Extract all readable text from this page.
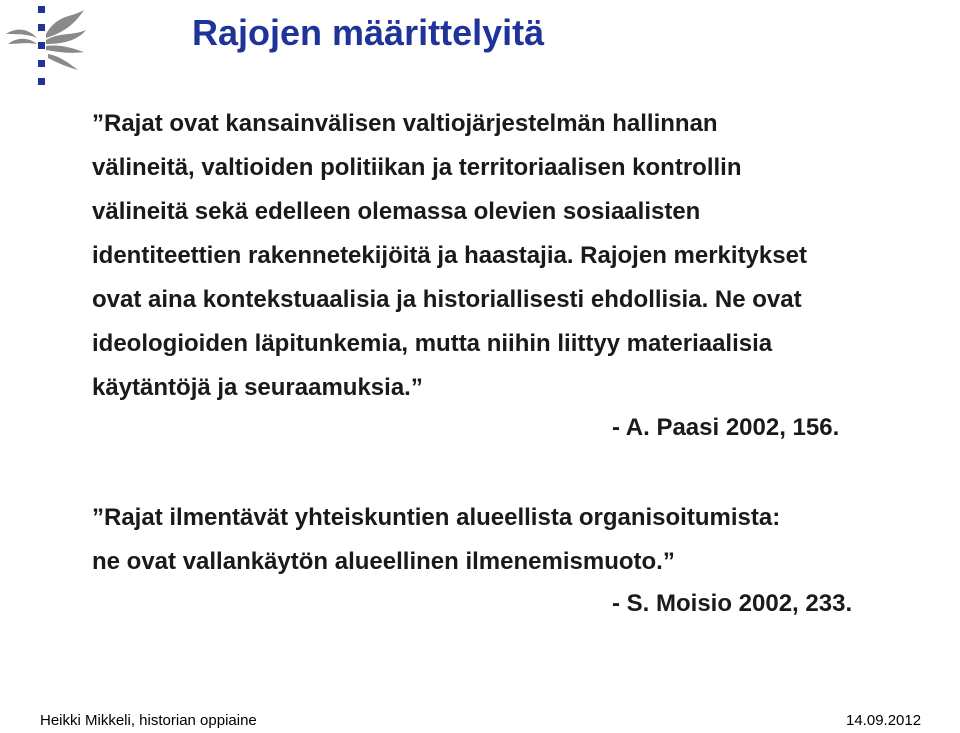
Rajojen määrittelyitä
”Rajat ovat kansainvälisen valtiojärjestelmän hallinnan
välineitä, valtioiden politiikan ja territoriaalisen kontrollin
välineitä sekä edelleen olemassa olevien sosiaalisten
identiteettien rakennetekijöitä ja haastajia. Rajojen merkitykset
ovat aina kontekstuaalisia ja historiallisesti ehdollisia. Ne ovat
ideologioiden läpitunkemia, mutta niihin liittyy materiaalisia
käytäntöjä ja seuraamuksia.”

- A. Paasi 2002, 156.

”Rajat ilmentävät yhteiskuntien alueellista organisoitumista:
ne ovat vallankäytön alueellinen ilmenemismuoto.”

- S. Moisio 2002, 233.

Heikki Mikkeli, historian oppiaine	14.09.2012
